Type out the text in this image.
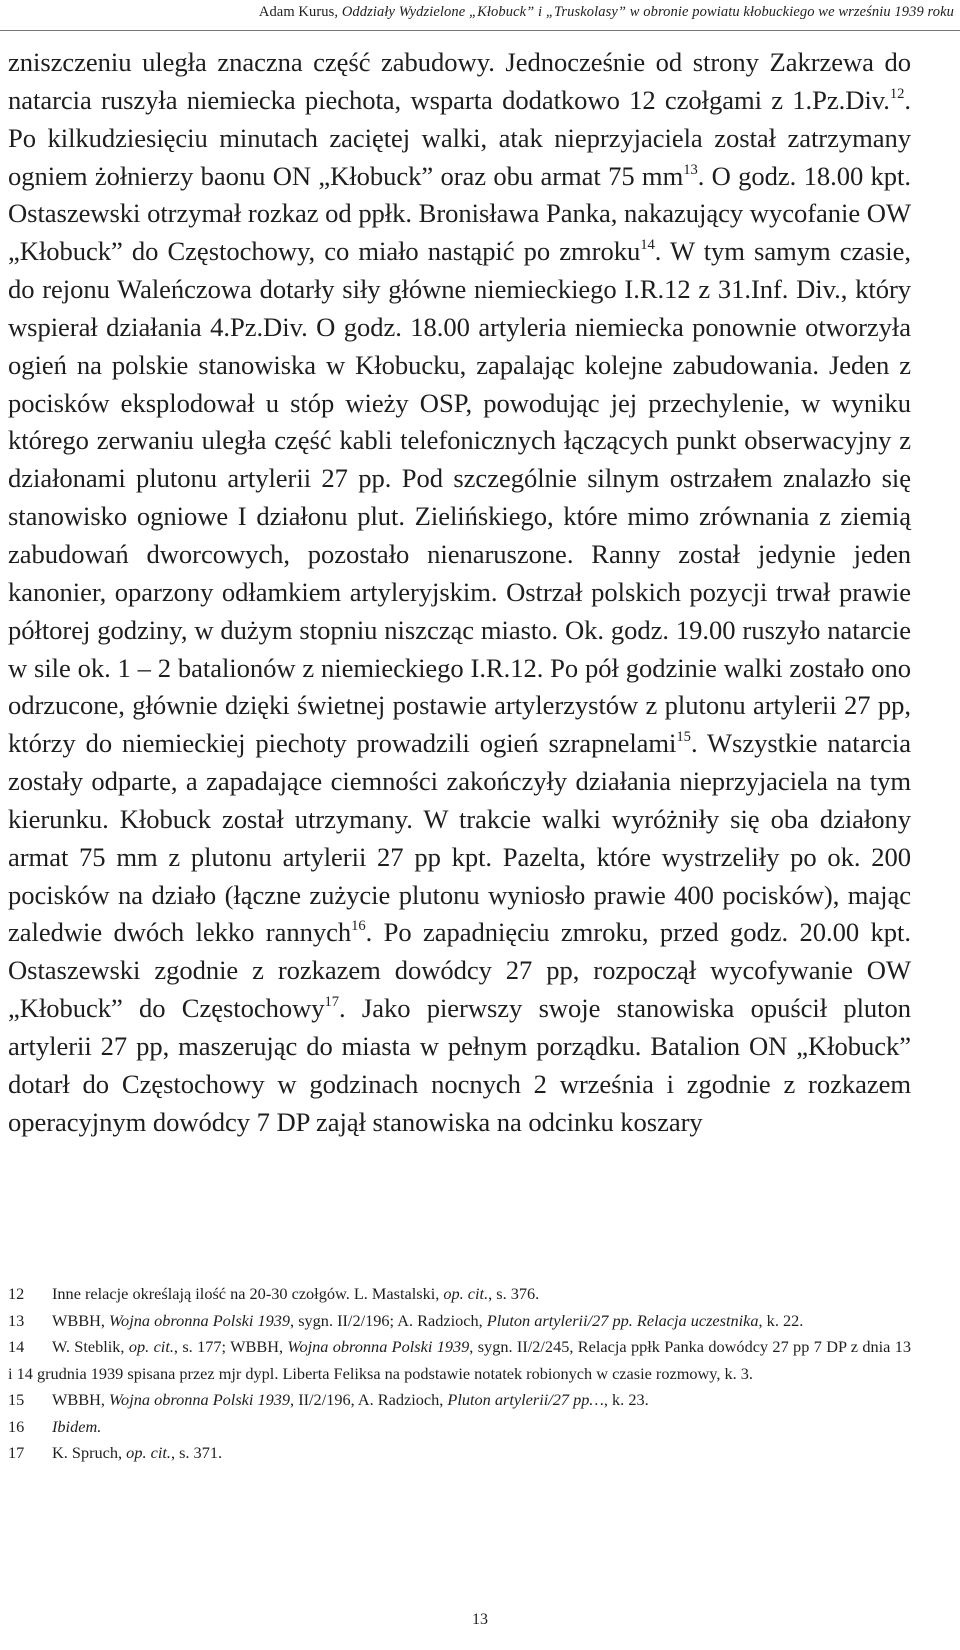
Adam Kurus, Oddziały Wydzielone „Kłobuck” i „Truskolasy” w obronie powiatu kłobuckiego we wrześniu 1939 roku

zniszczeniu uległa znaczna część zabudowy. Jednocześnie od strony Zakrzewa do natarcia ruszyła niemiecka piechota, wsparta dodatkowo 12 czołgami z 1.Pz.Div.$^{12}$. Po kilkudziesięciu minutach zaciętej walki, atak nieprzyjaciela został zatrzymany ogniem żołnierzy baonu ON „Kłobuck” oraz obu armat 75 $mm^{13}$. O godz. 18.00 kpt. Ostaszewski otrzymał rozkaz od ppłk. Bronisława Panka, nakazujący wycofanie OW „Kłobuck” do Częstochowy, co miało nastąpić po zmroku$^{14}$. W tym samym czasie, do rejonu Waleńczowa dotarły siły główne niemieckiego I.R.12 z 31.Inf. Div., który wspierał działania 4.Pz.Div. O godz. 18.00 artyleria niemiecka ponownie otworzyła ogień na polskie stanowiska w Kłobucku, zapalając kolejne zabudowania. Jeden z pocisków eksplodował u stóp wieży OSP, powodując jej przechylenie, w wyniku którego zerwaniu uległa część kabli telefonicznych łączących punkt obserwacyjny z działonami plutonu artylerii 27 pp. Pod szczególnie silnym ostrzałem znalazło się stanowisko ogniowe I działonu plut. Zielińskiego, które mimo zrównania z ziemią zabudowań dworcowych, pozostało nienaruszone. Ranny został jedynie jeden kanonier, oparzony odłamkiem artyleryjskim. Ostrzał polskich pozycji trwał prawie półtorej godziny, w dużym stopniu niszcząc miasto. Ok. godz. 19.00 ruszyło natarcie w sile ok. 1 – 2 batalionów z niemieckiego I.R.12. Po pół godzinie walki zostało ono odrzucone, głównie dzięki świetnej postawie artylerzystów z plutonu artylerii 27 pp, którzy do niemieckiej piechoty prowadzili ogień szrapnelami$^{15}$. Wszystkie natarcia zostały odparte, a zapadające ciemności zakończyły działania nieprzyjaciela na tym kierunku. Kłobuck został utrzymany. W trakcie walki wyróżniły się oba działony armat 75 mm z plutonu artylerii 27 pp kpt. Pazelta, które wystrzeliły po ok. 200 pocisków na działo (łączne zużycie plutonu wyniosło prawie 400 pocisków), mając zaledwie dwóch lekko rannych$^{16}$. Po zapadnięciu zmroku, przed godz. 20.00 kpt. Ostaszewski zgodnie z rozkazem dowódcy 27 pp, rozpoczął wycofywanie OW „Kłobuck” do Częstochowy$^{17}$. Jako pierwszy swoje stanowiska opuścił pluton artylerii 27 pp, maszerując do miasta w pełnym porządku. Batalion ON „Kłobuck” dotarł do Częstochowy w godzinach nocnych 2 września i zgodnie z rozkazem operacyjnym dowódcy 7 DP zajął stanowiska na odcinku koszary

12 Inne relacje określają ilość na 20-30 czołgów. L. Mastalski, op. cit., s. 376.

13 WBBH, Wojna obronna Polski 1939, sygn. II/2/196; A. Radzioch, Pluton artylerii/27 pp. Relacja uczestnika, k. 22.

14 W. Steblik, op. cit., s. 177; WBBH, Wojna obronna Polski 1939, sygn. II/2/245, Relacja ppłk Panka dowódcy 27 pp 7 DP z dnia 13 i 14 grudnia 1939 spisana przez mjr dypl. Liberta Feliksa na podstawie notatek robionych w czasie rozmowy, k. 3.

15 WBBH, Wojna obronna Polski 1939, II/2/196, A. Radzioch, Pluton artylerii/27 pp…, k. 23.

16 Ibidem.

17 K. Spruch, op. cit., s. 371.

13
